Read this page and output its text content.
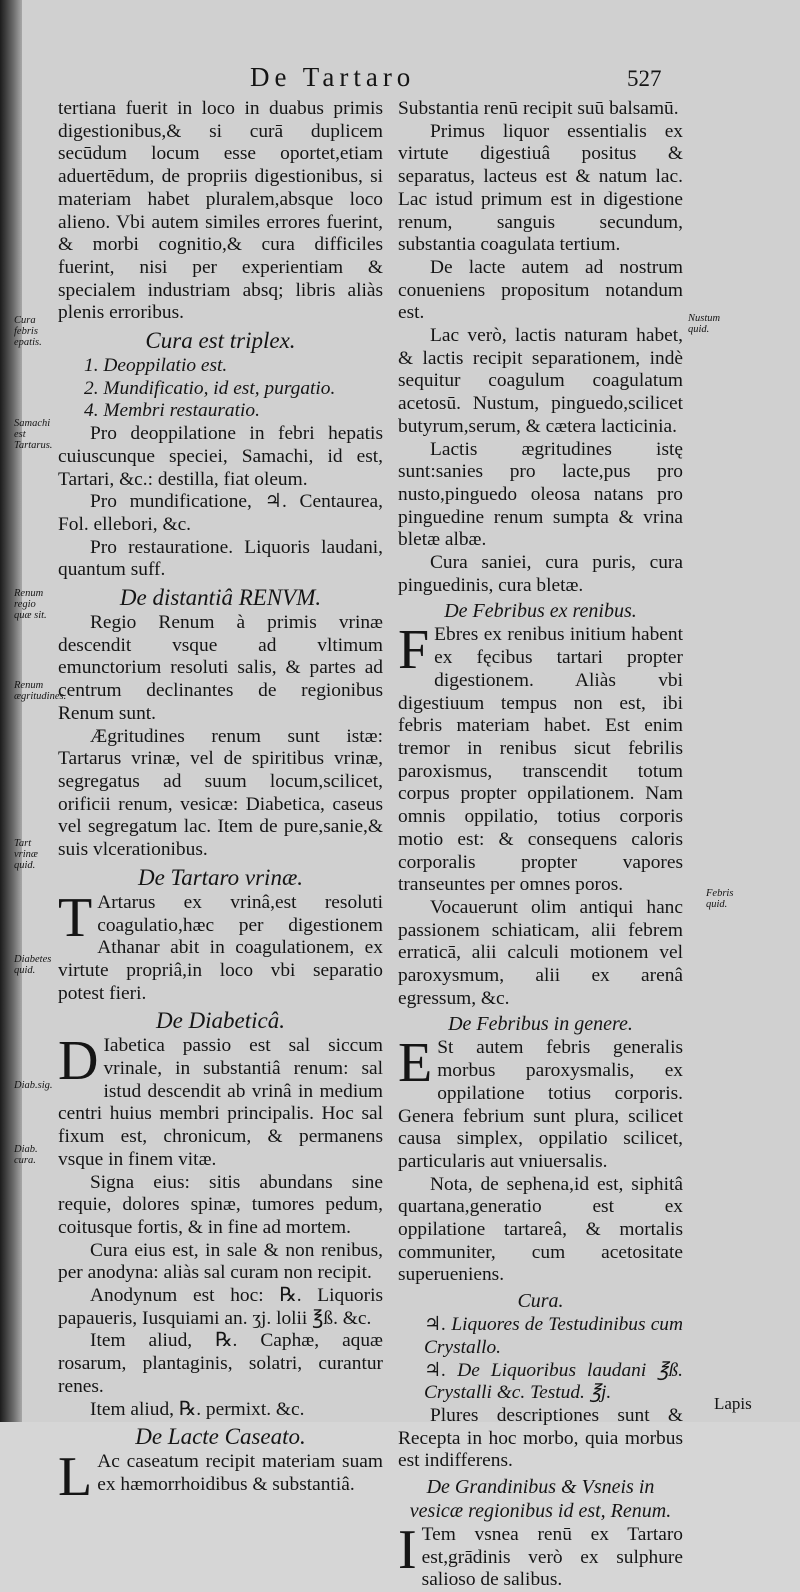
De Tartaro	527
Cura febris epatis.
Samachi est Tartarus.
Renum regio quæ sit.
Renum ægritudines.
Tart vrinæ quid.
Diabetes quid.
Diab.sig.
Diab. cura.
Nustum quid.
Febris quid.

tertiana fuerit in loco in duabus primis digestionibus,& si curā duplicem secūdum locum esse oportet,etiam aduertēdum, de propriis digestionibus, si materiam habet pluralem,absque loco alieno. Vbi autem similes errores fuerint, & morbi cognitio,& cura difficiles fuerint, nisi per experientiam & specialem industriam absq; libris aliàs plenis erroribus.

Cura est triplex.

1. Deoppilatio est.

2. Mundificatio, id est, purgatio.

4. Membri restauratio.

Pro deoppilatione in febri hepatis cuiuscunque speciei, Samachi, id est, Tartari, &c.: destilla, fiat oleum.

Pro mundificatione, ♃. Centaurea, Fol. ellebori, &c.

Pro restauratione. Liquoris laudani, quantum suff.

De distantiâ RENVM.

Regio Renum à primis vrinæ descendit vsque ad vltimum emunctorium resoluti salis, & partes ad centrum declinantes de regionibus Renum sunt.

Ægritudines renum sunt istæ: Tartarus vrinæ, vel de spiritibus vrinæ, segregatus ad suum locum,scilicet, orificii renum, vesicæ: Diabetica, caseus vel segregatum lac. Item de pure,sanie,& suis vlcerationibus.

De Tartaro vrinæ.

T Artarus ex vrinâ,est resoluti coagulatio,hæc per digestionem Athanar abit in coagulationem, ex virtute propriâ,in loco vbi separatio potest fieri.

De Diabeticâ.

D Iabetica passio est sal siccum vrinale, in substantiâ renum: sal istud descendit ab vrinâ in medium centri huius membri principalis. Hoc sal fixum est, chronicum, & permanens vsque in finem vitæ.

Signa eius: sitis abundans sine requie, dolores spinæ, tumores pedum, coitusque fortis, & in fine ad mortem.

Cura eius est, in sale & non renibus, per anodyna: aliàs sal curam non recipit.

Anodynum est hoc: ℞. Liquoris papaueris, Iusquiami an. ʒj. lolii ℥ß. &c.

Item aliud, ℞. Caphæ, aquæ rosarum, plantaginis, solatri, curantur renes.

Item aliud, ℞. permixt. &c.

De Lacte Caseato.

L Ac caseatum recipit materiam suam ex hæmorrhoidibus & substantiâ.

Substantia renū recipit suū balsamū.

Primus liquor essentialis ex virtute digestiuâ positus & separatus, lacteus est & natum lac. Lac istud primum est in digestione renum, sanguis secundum, substantia coagulata tertium.

De lacte autem ad nostrum conueniens propositum notandum est.

Lac verò, lactis naturam habet, & lactis recipit separationem, indè sequitur coagulum coagulatum acetosū. Nustum, pinguedo,scilicet butyrum,serum, & cætera lacticinia.

Lactis ægritudines istę sunt:sanies pro lacte,pus pro nusto,pinguedo oleosa natans pro pinguedine renum sumpta & vrina bletæ albæ.

Cura saniei, cura puris, cura pinguedinis, cura bletæ.

De Febribus ex renibus.

F Ebres ex renibus initium habent ex fęcibus tartari propter digestionem. Aliàs vbi digestiuum tempus non est, ibi febris materiam habet. Est enim tremor in renibus sicut febrilis paroxismus, transcendit totum corpus propter oppilationem. Nam omnis oppilatio, totius corporis motio est: & consequens caloris corporalis propter vapores transeuntes per omnes poros.

Vocauerunt olim antiqui hanc passionem schiaticam, alii febrem erraticā, alii calculi motionem vel paroxysmum, alii ex arenâ egressum, &c.

De Febribus in genere.

E St autem febris generalis morbus paroxysmalis, ex oppilatione totius corporis. Genera febrium sunt plura, scilicet causa simplex, oppilatio scilicet, particularis aut vniuersalis.

Nota, de sephena,id est, siphitâ quartana,generatio est ex oppilatione tartareâ, & mortalis communiter, cum acetositate superueniens.

Cura.

♃. Liquores de Testudinibus cum Crystallo.

♃. De Liquoribus laudani ℥ß. Crystalli &c. Testud. ℥j.

Plures descriptiones sunt & Recepta in hoc morbo, quia morbus est indifferens.

De Grandinibus & Vsneis in vesicæ regionibus id est, Renum.

I Tem vsnea renū ex Tartaro est,grādinis verò ex sulphure salioso de salibus.

Lapis
